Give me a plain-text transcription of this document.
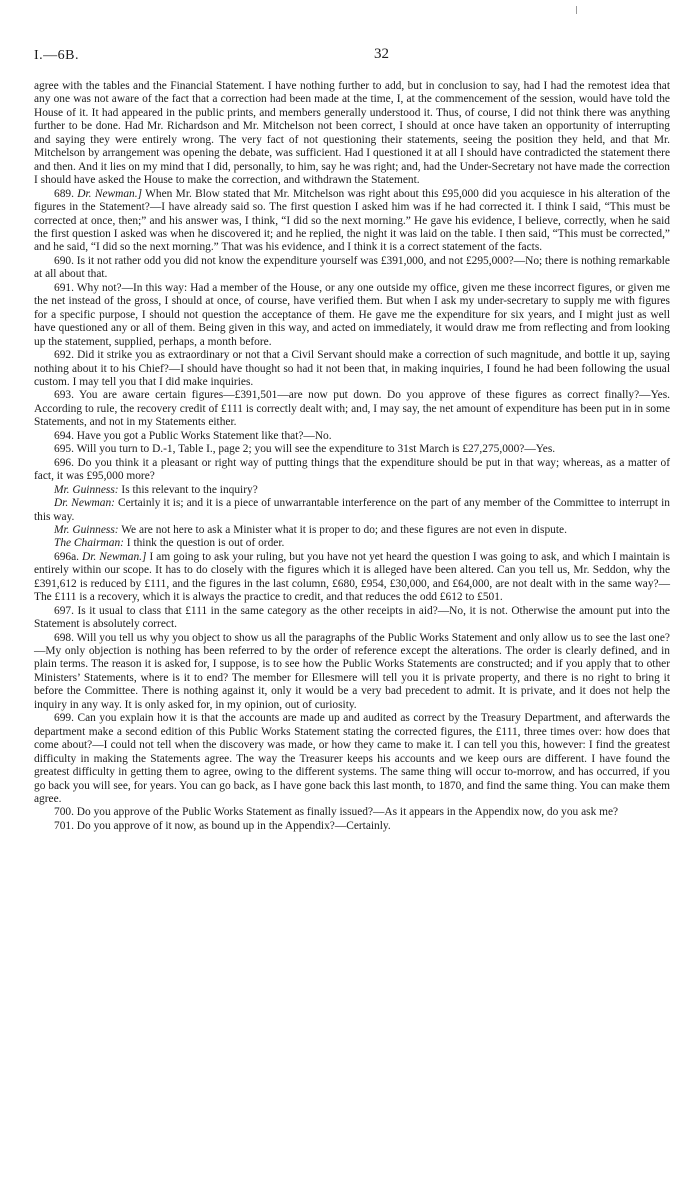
I.—6B.	32

agree with the tables and the Financial Statement. I have nothing further to add, but in conclusion to say, had I had the remotest idea that any one was not aware of the fact that a correction had been made at the time, I, at the commencement of the session, would have told the House of it. It had appeared in the public prints, and members generally understood it. Thus, of course, I did not think there was anything further to be done. Had Mr. Richardson and Mr. Mitchelson not been correct, I should at once have taken an opportunity of interrupting and saying they were entirely wrong. The very fact of not questioning their statements, seeing the position they held, and that Mr. Mitchelson by arrangement was opening the debate, was sufficient. Had I questioned it at all I should have contradicted the statement there and then. And it lies on my mind that I did, personally, to him, say he was right; and, had the Under-Secretary not have made the correction I should have asked the House to make the correction, and withdrawn the Statement.

689. Dr. Newman.] When Mr. Blow stated that Mr. Mitchelson was right about this £95,000 did you acquiesce in his alteration of the figures in the Statement?—I have already said so. The first question I asked him was if he had corrected it. I think I said, “This must be corrected at once, then;” and his answer was, I think, “I did so the next morning.” He gave his evidence, I believe, correctly, when he said the first question I asked was when he discovered it; and he replied, the night it was laid on the table. I then said, “This must be corrected,” and he said, “I did so the next morning.” That was his evidence, and I think it is a correct statement of the facts.

690. Is it not rather odd you did not know the expenditure yourself was £391,000, and not £295,000?—No; there is nothing remarkable at all about that.

691. Why not?—In this way: Had a member of the House, or any one outside my office, given me these incorrect figures, or given me the net instead of the gross, I should at once, of course, have verified them. But when I ask my under-secretary to supply me with figures for a specific purpose, I should not question the acceptance of them. He gave me the expenditure for six years, and I might just as well have questioned any or all of them. Being given in this way, and acted on immediately, it would draw me from reflecting and from looking up the statement, supplied, perhaps, a month before.

692. Did it strike you as extraordinary or not that a Civil Servant should make a correction of such magnitude, and bottle it up, saying nothing about it to his Chief?—I should have thought so had it not been that, in making inquiries, I found he had been following the usual custom. I may tell you that I did make inquiries.

693. You are aware certain figures—£391,501—are now put down. Do you approve of these figures as correct finally?—Yes. According to rule, the recovery credit of £111 is correctly dealt with; and, I may say, the net amount of expenditure has been put in in some Statements, and not in my Statements either.

694. Have you got a Public Works Statement like that?—No.

695. Will you turn to D.-1, Table I., page 2; you will see the expenditure to 31st March is £27,275,000?—Yes.

696. Do you think it a pleasant or right way of putting things that the expenditure should be put in that way; whereas, as a matter of fact, it was £95,000 more?

Mr. Guinness: Is this relevant to the inquiry?

Dr. Newman: Certainly it is; and it is a piece of unwarrantable interference on the part of any member of the Committee to interrupt in this way.

Mr. Guinness: We are not here to ask a Minister what it is proper to do; and these figures are not even in dispute.

The Chairman: I think the question is out of order.

696a. Dr. Newman.] I am going to ask your ruling, but you have not yet heard the question I was going to ask, and which I maintain is entirely within our scope. It has to do closely with the figures which it is alleged have been altered. Can you tell us, Mr. Seddon, why the £391,612 is reduced by £111, and the figures in the last column, £680, £954, £30,000, and £64,000, are not dealt with in the same way?—The £111 is a recovery, which it is always the practice to credit, and that reduces the odd £612 to £501.

697. Is it usual to class that £111 in the same category as the other receipts in aid?—No, it is not. Otherwise the amount put into the Statement is absolutely correct.

698. Will you tell us why you object to show us all the paragraphs of the Public Works Statement and only allow us to see the last one?—My only objection is nothing has been referred to by the order of reference except the alterations. The order is clearly defined, and in plain terms. The reason it is asked for, I suppose, is to see how the Public Works Statements are constructed; and if you apply that to other Ministers’ Statements, where is it to end? The member for Ellesmere will tell you it is private property, and there is no right to bring it before the Committee. There is nothing against it, only it would be a very bad precedent to admit. It is private, and it does not help the inquiry in any way. It is only asked for, in my opinion, out of curiosity.

699. Can you explain how it is that the accounts are made up and audited as correct by the Treasury Department, and afterwards the department make a second edition of this Public Works Statement stating the corrected figures, the £111, three times over: how does that come about?—I could not tell when the discovery was made, or how they came to make it. I can tell you this, however: I find the greatest difficulty in making the Statements agree. The way the Treasurer keeps his accounts and we keep ours are different. I have found the greatest difficulty in getting them to agree, owing to the different systems. The same thing will occur to-morrow, and has occurred, if you go back you will see, for years. You can go back, as I have gone back this last month, to 1870, and find the same thing. You can make them agree.

700. Do you approve of the Public Works Statement as finally issued?—As it appears in the Appendix now, do you ask me?

701. Do you approve of it now, as bound up in the Appendix?—Certainly.
